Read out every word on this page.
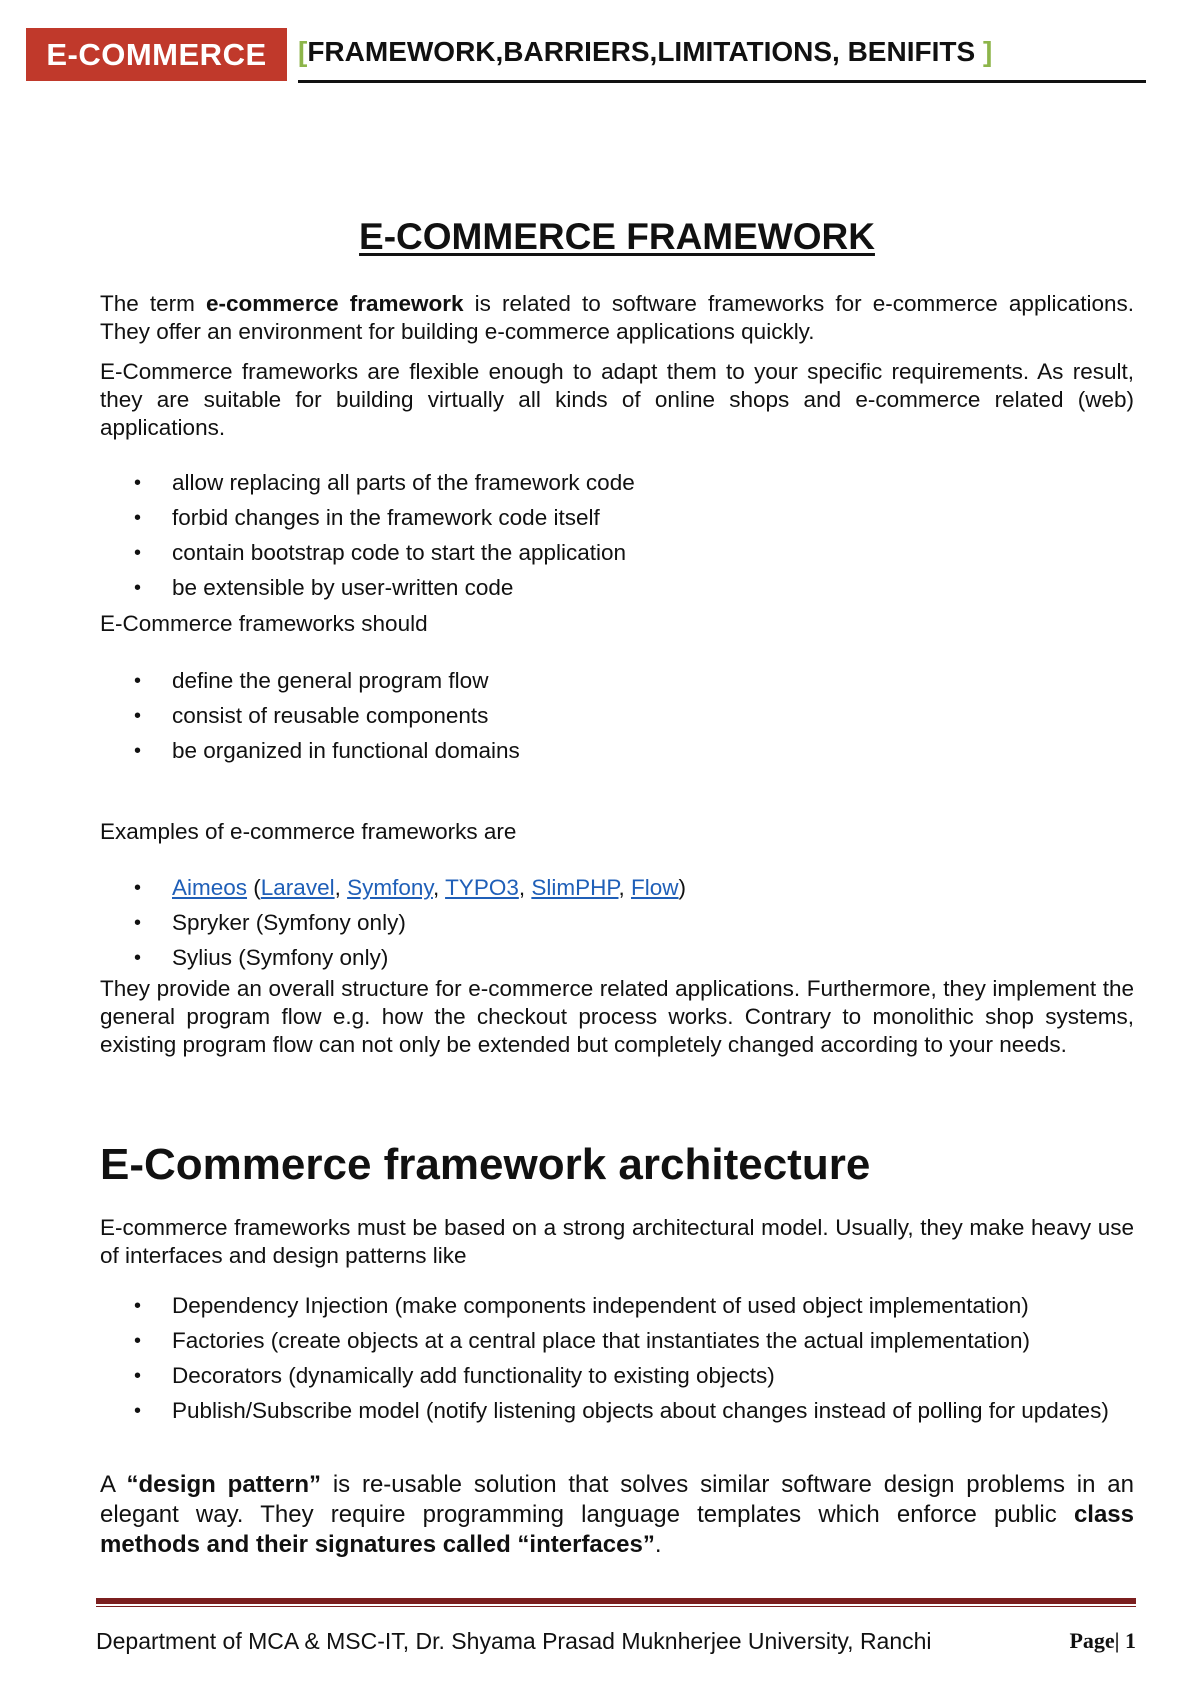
E-COMMERCE	[FRAMEWORK,BARRIERS,LIMITATIONS, BENIFITS ]
E-COMMERCE FRAMEWORK

The term e-commerce framework is related to software frameworks for e-commerce applications. They offer an environment for building e-commerce applications quickly.

E-Commerce frameworks are flexible enough to adapt them to your specific requirements. As result, they are suitable for building virtually all kinds of online shops and e-commerce related (web) applications.

• allow replacing all parts of the framework code
• forbid changes in the framework code itself
• contain bootstrap code to start the application
• be extensible by user-written code

E-Commerce frameworks should

• define the general program flow
• consist of reusable components
• be organized in functional domains

Examples of e-commerce frameworks are

• Aimeos (Laravel, Symfony, TYPO3, SlimPHP, Flow)
• Spryker (Symfony only)
• Sylius (Symfony only)

They provide an overall structure for e-commerce related applications. Furthermore, they implement the general program flow e.g. how the checkout process works. Contrary to monolithic shop systems, existing program flow can not only be extended but completely changed according to your needs.

E-Commerce framework architecture

E-commerce frameworks must be based on a strong architectural model. Usually, they make heavy use of interfaces and design patterns like

• Dependency Injection (make components independent of used object implementation)
• Factories (create objects at a central place that instantiates the actual implementation)
• Decorators (dynamically add functionality to existing objects)
• Publish/Subscribe model (notify listening objects about changes instead of polling for updates)

A “design pattern” is re-usable solution that solves similar software design problems in an elegant way. They require programming language templates which enforce public class methods and their signatures called “interfaces”.

Department of MCA & MSC-IT, Dr. Shyama Prasad Muknherjee University, Ranchi	Page| 1
